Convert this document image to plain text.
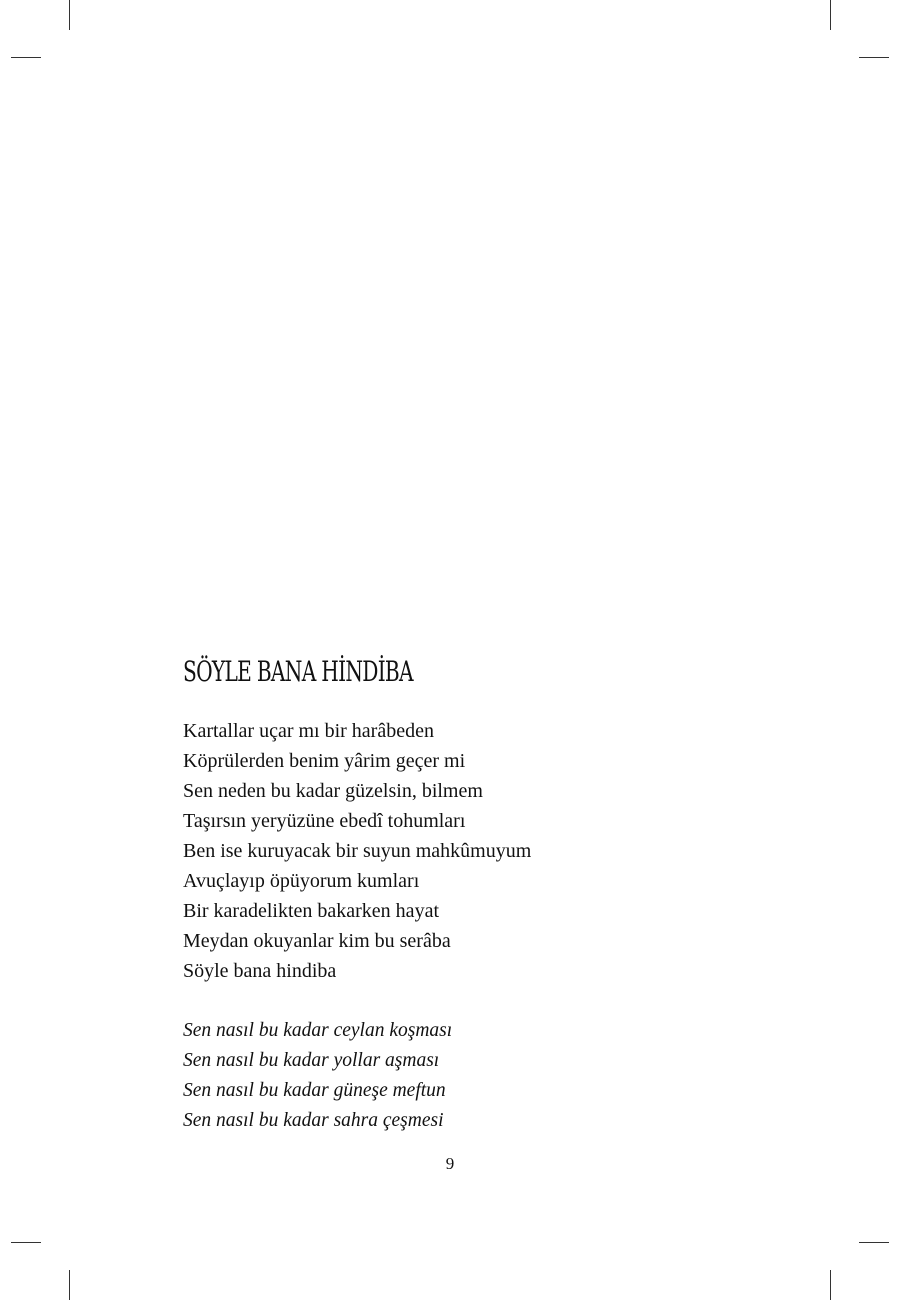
SÖYLE BANA HİNDİBA
Kartallar uçar mı bir harâbeden
Köprülerden benim yârim geçer mi
Sen neden bu kadar güzelsin, bilmem
Taşırsın yeryüzüne ebedî tohumları
Ben ise kuruyacak bir suyun mahkûmuyum
Avuçlayıp öpüyorum kumları
Bir karadelikten bakarken hayat
Meydan okuyanlar kim bu serâba
Söyle bana hindiba
Sen nasıl bu kadar ceylan koşması
Sen nasıl bu kadar yollar aşması
Sen nasıl bu kadar güneşe meftun
Sen nasıl bu kadar sahra çeşmesi
9
